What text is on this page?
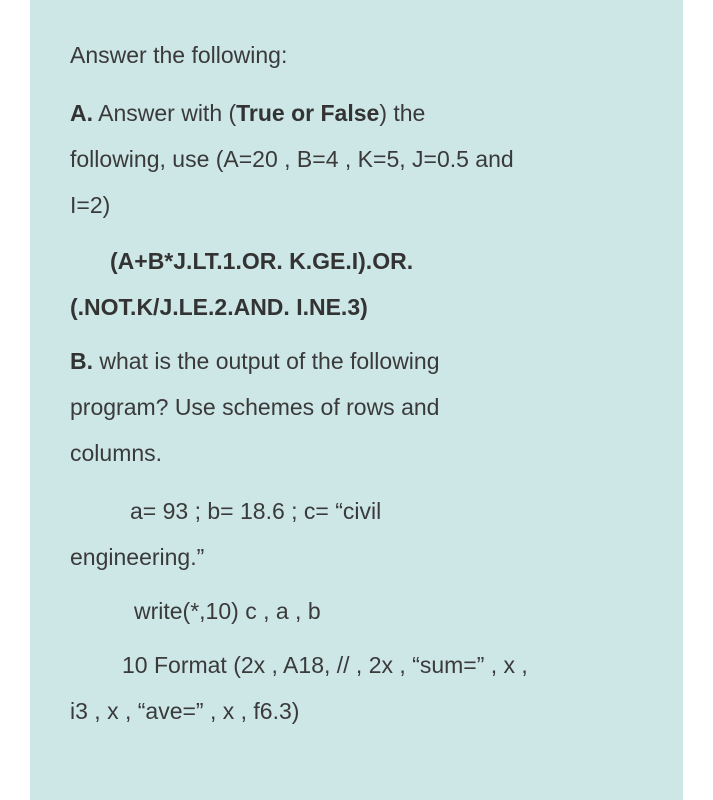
Answer the following:
A. Answer with (True or False) the
following, use (A=20 , B=4 , K=5, J=0.5 and
I=2)
(A+B*J.LT.1.OR. K.GE.I).OR.
(.NOT.K/J.LE.2.AND. I.NE.3)
B. what is the output of the following
program? Use schemes of rows and
columns.
a= 93 ; b= 18.6 ; c= “civil
engineering.”
write(*,10) c , a , b
10 Format (2x , A18, // , 2x , “sum=” , x ,
i3 , x , “ave=” , x , f6.3)
